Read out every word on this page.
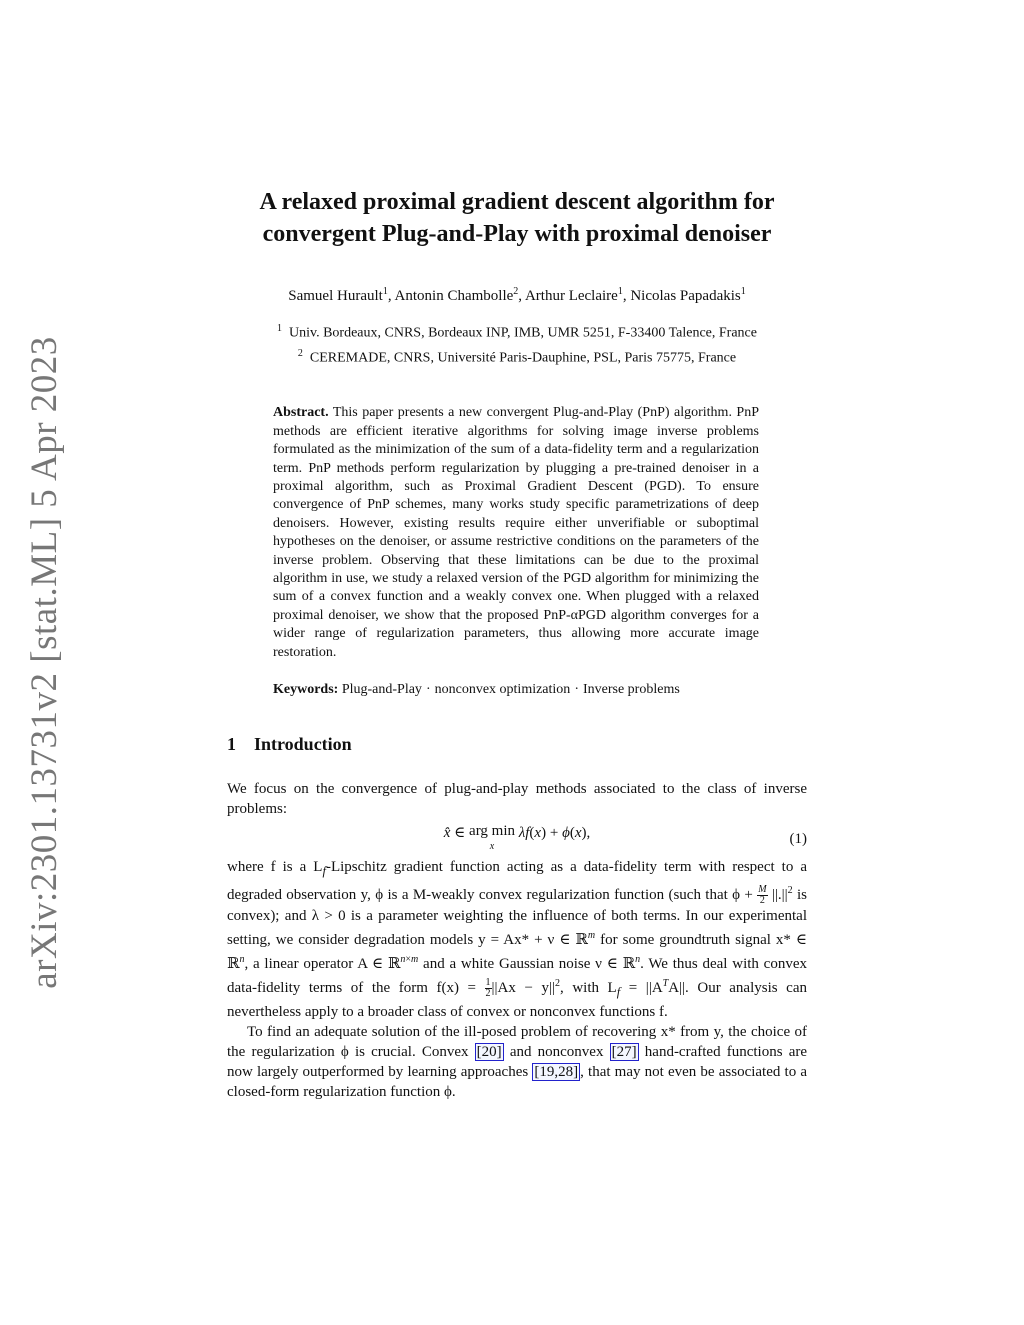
arXiv:2301.13731v2 [stat.ML] 5 Apr 2023
A relaxed proximal gradient descent algorithm for
convergent Plug-and-Play with proximal denoiser
Samuel Hurault$^1$, Antonin Chambolle$^2$, Arthur Leclaire$^1$, Nicolas Papadakis$^1$
$^1$ Univ. Bordeaux, CNRS, Bordeaux INP, IMB, UMR 5251, F-33400 Talence, France
$^2$ CEREMADE, CNRS, Université Paris-Dauphine, PSL, Paris 75775, France
Abstract. This paper presents a new convergent Plug-and-Play (PnP) algorithm. PnP methods are efficient iterative algorithms for solving image inverse problems formulated as the minimization of the sum of a data-fidelity term and a regularization term. PnP methods perform regularization by plugging a pre-trained denoiser in a proximal algorithm, such as Proximal Gradient Descent (PGD). To ensure convergence of PnP schemes, many works study specific parametrizations of deep denoisers. However, existing results require either unverifiable or suboptimal hypotheses on the denoiser, or assume restrictive conditions on the parameters of the inverse problem. Observing that these limitations can be due to the proximal algorithm in use, we study a relaxed version of the PGD algorithm for minimizing the sum of a convex function and a weakly convex one. When plugged with a relaxed proximal denoiser, we show that the proposed PnP-αPGD algorithm converges for a wider range of regularization parameters, thus allowing more accurate image restoration.
Keywords: Plug-and-Play · nonconvex optimization · Inverse problems
1 Introduction

We focus on the convergence of plug-and-play methods associated to the class of inverse problems:

x̂ ∈ arg min
x
λf(x) + ϕ(x),	(1)

where f is a $L_f$-Lipschitz gradient function acting as a data-fidelity term with respect to a degraded observation y, ϕ is a M-weakly convex regularization function (such that $\phi + \frac{M}{2} ||.||^2$ is convex); and λ > 0 is a parameter weighting the influence of both terms. In our experimental setting, we consider degradation models y = Ax* + ν ∈ ℝ$^m$ for some groundtruth signal x* ∈ ℝ$^n$, a linear operator A ∈ ℝ$^{n\times m}$ and a white Gaussian noise ν ∈ ℝ$^n$. We thus deal with convex data-fidelity terms of the form $f(x) = \frac{1}{2} ||Ax - y||^2$, with $L_f = ||A^TA||$. Our analysis can nevertheless apply to a broader class of convex or nonconvex functions f.

To find an adequate solution of the ill-posed problem of recovering x* from y, the choice of the regularization ϕ is crucial. Convex [20] and nonconvex [27] hand-crafted functions are now largely outperformed by learning approaches [19,28] , that may not even be associated to a closed-form regularization function ϕ.
